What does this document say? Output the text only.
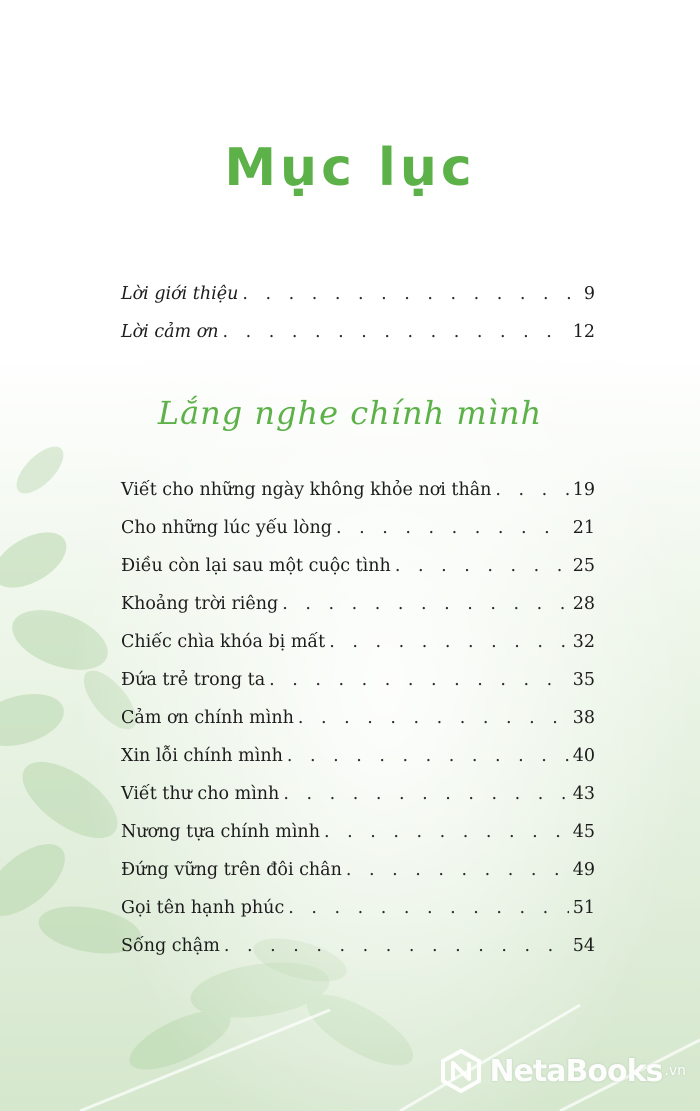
Mục lục
Lời giới thiệu . . .	9
Lời cảm ơn . . .	12
Lắng nghe chính mình
Viết cho những ngày không khỏe nơi thân . . .	19
Cho những lúc yếu lòng . . .	21
Điều còn lại sau một cuộc tình . . .	25
Khoảng trời riêng . . .	28
Chiếc chìa khóa bị mất . . .	32
Đứa trẻ trong ta . . .	35
Cảm ơn chính mình . . .	38
Xin lỗi chính mình . . .	40
Viết thư cho mình . . .	43
Nương tựa chính mình . . .	45
Đứng vững trên đôi chân . . .	49
Gọi tên hạnh phúc . . .	51
Sống chậm . . .	54
NetaBooks .vn
